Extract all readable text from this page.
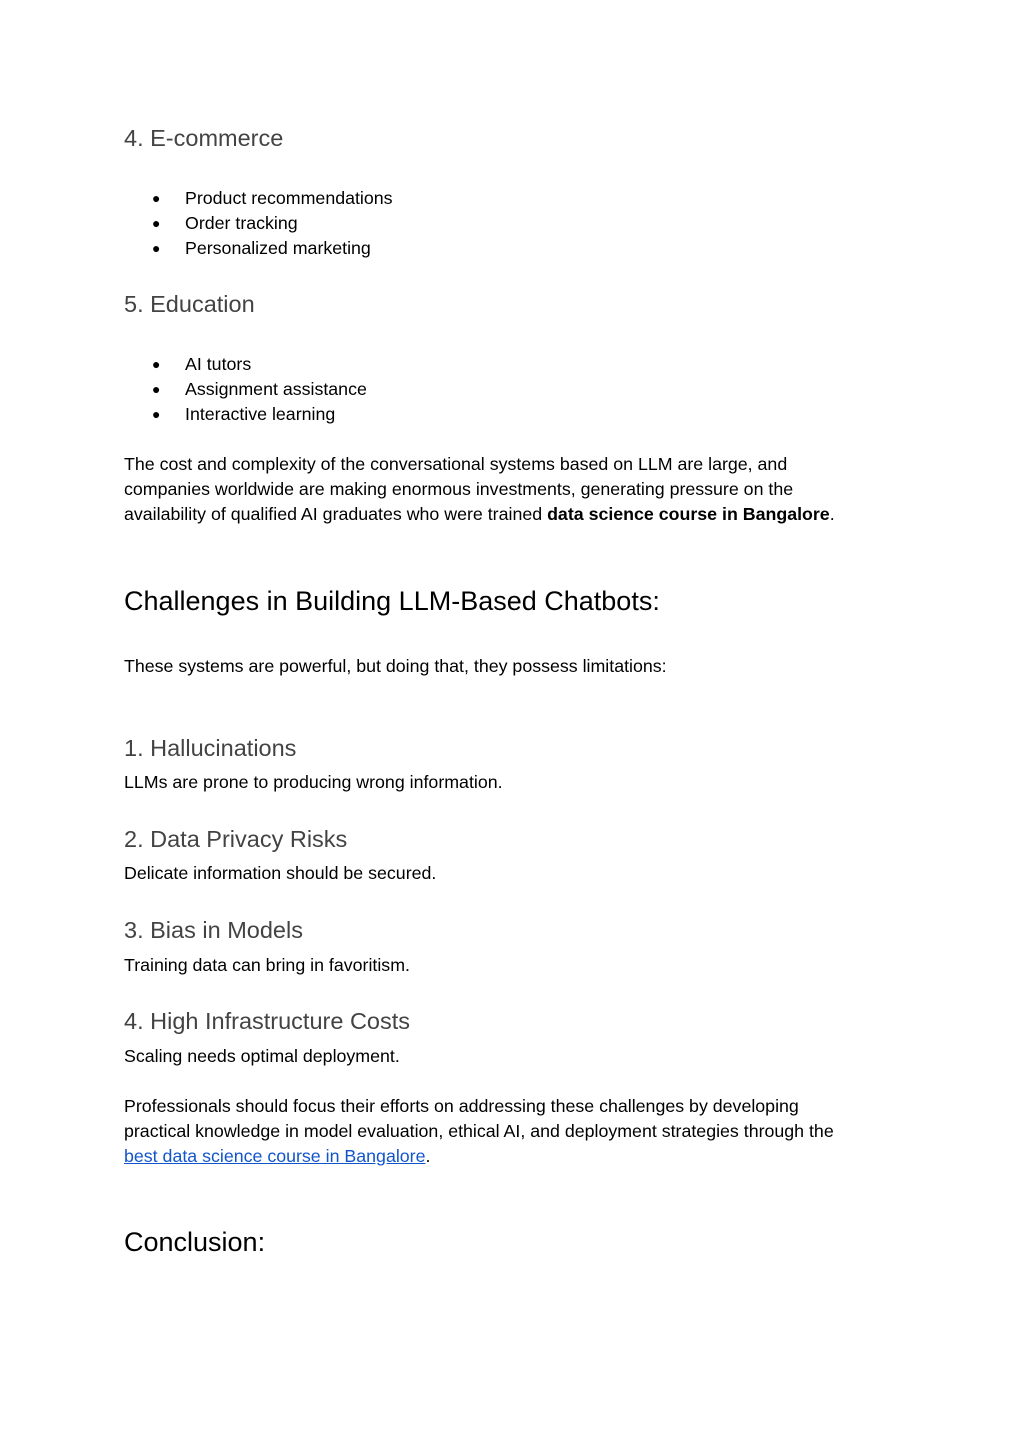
4. E-commerce
● Product recommendations
● Order tracking
● Personalized marketing
5. Education
● AI tutors
● Assignment assistance
● Interactive learning
The cost and complexity of the conversational systems based on LLM are large, and
companies worldwide are making enormous investments, generating pressure on the
availability of qualified AI graduates who were trained data science course in Bangalore.
Challenges in Building LLM-Based Chatbots:
These systems are powerful, but doing that, they possess limitations:
1. Hallucinations
LLMs are prone to producing wrong information.
2. Data Privacy Risks
Delicate information should be secured.
3. Bias in Models
Training data can bring in favoritism.
4. High Infrastructure Costs
Scaling needs optimal deployment.
Professionals should focus their efforts on addressing these challenges by developing
practical knowledge in model evaluation, ethical AI, and deployment strategies through the
best data science course in Bangalore.
Conclusion:
